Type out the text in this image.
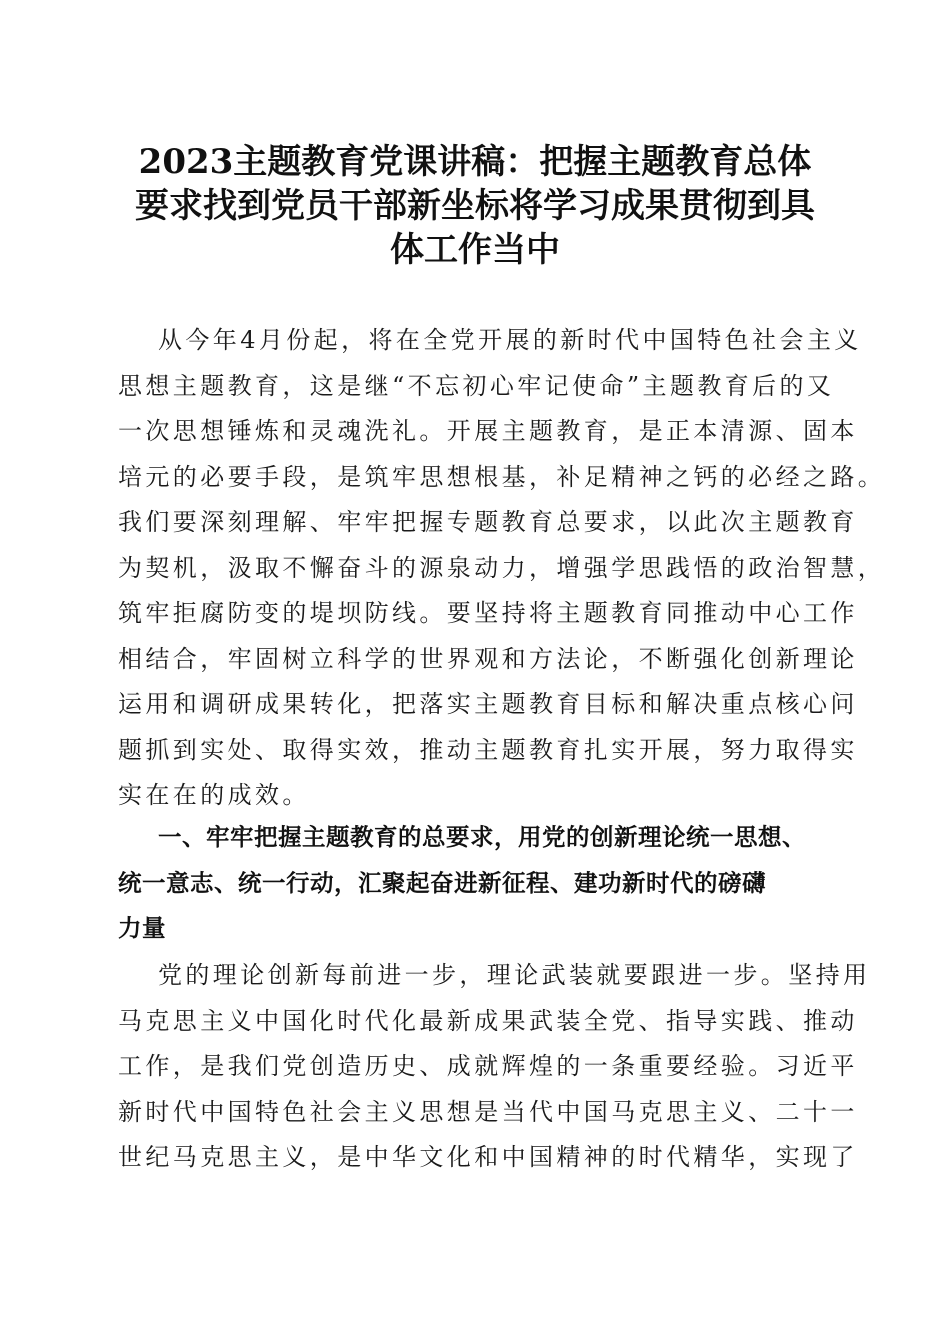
2023主题教育党课讲稿：把握主题教育总体
要求找到党员干部新坐标将学习成果贯彻到具
体工作当中
从今年4月份起，将在全党开展的新时代中国特色社会主义
思想主题教育，这是继“不忘初心牢记使命”主题教育后的又
一次思想锤炼和灵魂洗礼。开展主题教育，是正本清源、固本
培元的必要手段，是筑牢思想根基，补足精神之钙的必经之路。
我们要深刻理解、牢牢把握专题教育总要求，以此次主题教育
为契机，汲取不懈奋斗的源泉动力，增强学思践悟的政治智慧，
筑牢拒腐防变的堤坝防线。要坚持将主题教育同推动中心工作
相结合，牢固树立科学的世界观和方法论，不断强化创新理论
运用和调研成果转化，把落实主题教育目标和解决重点核心问
题抓到实处、取得实效，推动主题教育扎实开展，努力取得实
实在在的成效。
一、牢牢把握主题教育的总要求，用党的创新理论统一思想、
统一意志、统一行动，汇聚起奋进新征程、建功新时代的磅礴
力量
党的理论创新每前进一步，理论武装就要跟进一步。坚持用
马克思主义中国化时代化最新成果武装全党、指导实践、推动
工作，是我们党创造历史、成就辉煌的一条重要经验。习近平
新时代中国特色社会主义思想是当代中国马克思主义、二十一
世纪马克思主义，是中华文化和中国精神的时代精华，实现了
